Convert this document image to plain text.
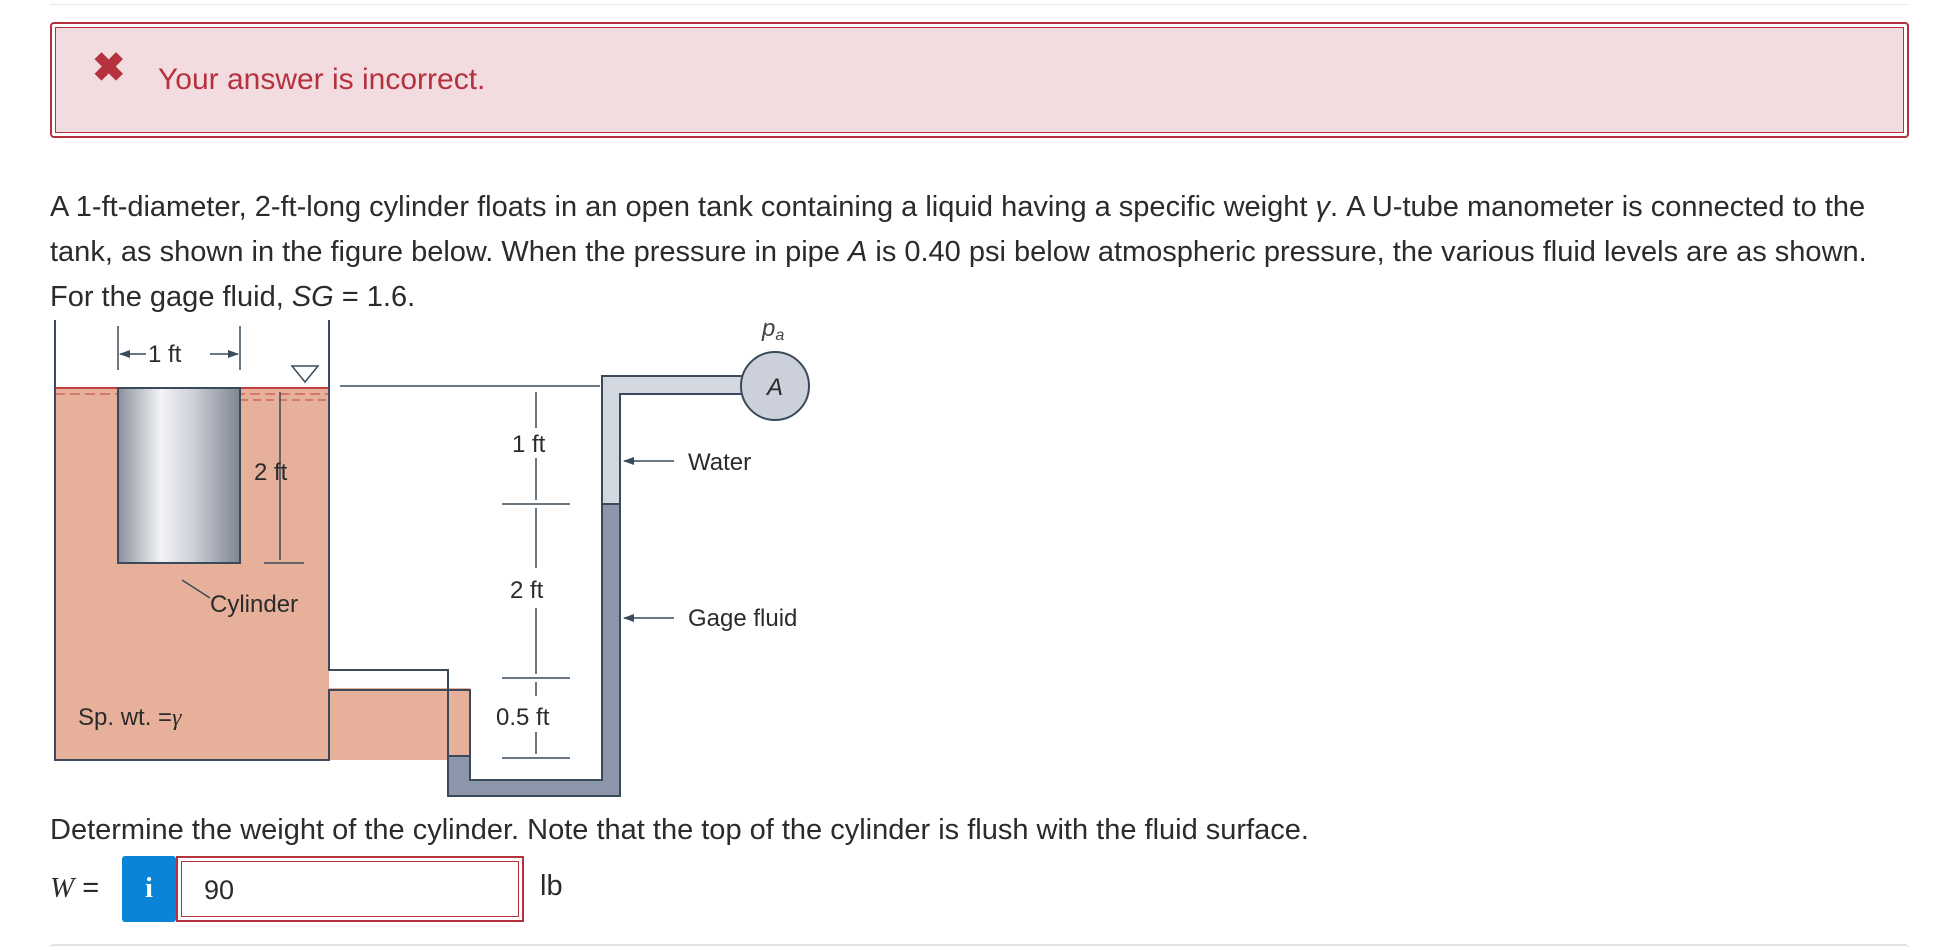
✖ Your answer is incorrect.
A 1-ft-diameter, 2-ft-long cylinder floats in an open tank containing a liquid having a specific weight γ. A U-tube manometer is connected to the tank, as shown in the figure below. When the pressure in pipe A is 0.40 psi below atmospheric pressure, the various fluid levels are as shown. For the gage fluid, SG = 1.6.
A
pa
1 ft
2 ft
Cylinder
Sp. wt. =γ
1 ft
2 ft
0.5 ft
Water
Gage fluid
Determine the weight of the cylinder. Note that the top of the cylinder is flush with the fluid surface.
W =	i	90	lb
